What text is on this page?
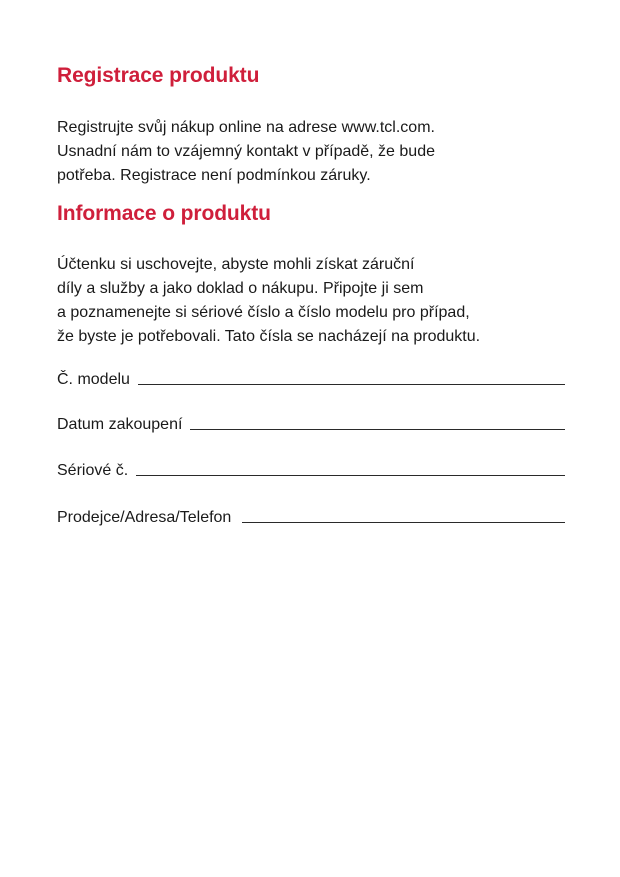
Registrace produktu

Registrujte svůj nákup online na adrese www.tcl.com.
Usnadní nám to vzájemný kontakt v případě, že bude
potřeba. Registrace není podmínkou záruky.

Informace o produktu

Účtenku si uschovejte, abyste mohli získat záruční
díly a služby a jako doklad o nákupu. Připojte ji sem
a poznamenejte si sériové číslo a číslo modelu pro případ,
že byste je potřebovali. Tato čísla se nacházejí na produktu.

Č. modelu
Datum zakoupení
Sériové č.
Prodejce/Adresa/Telefon
